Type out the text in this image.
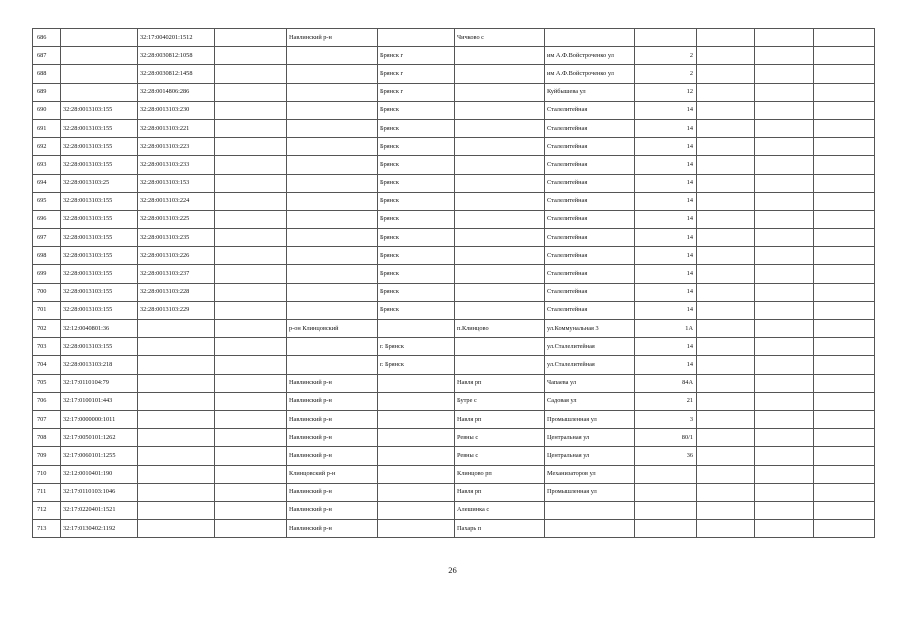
686		32:17:0040201:1512		Навлинский р-н		Чичково с					
687		32:28:0030812:1058			Брянск г		им А.Ф.Войстроченко ул	2			
688		32:28:0030812:1458			Брянск г		им А.Ф.Войстроченко ул	2			
689		32:28:0014806:286			Брянск г		Куйбышева ул	12			
690	32:28:0013103:155	32:28:0013103:230			Брянск		Сталелитейная	14			
691	32:28:0013103:155	32:28:0013103:221			Брянск		Сталелитейная	14			
692	32:28:0013103:155	32:28:0013103:223			Брянск		Сталелитейная	14			
693	32:28:0013103:155	32:28:0013103:233			Брянск		Сталелитейная	14			
694	32:28:0013103:25	32:28:0013103:153			Брянск		Сталелитейная	14			
695	32:28:0013103:155	32:28:0013103:224			Брянск		Сталелитейная	14			
696	32:28:0013103:155	32:28:0013103:225			Брянск		Сталелитейная	14			
697	32:28:0013103:155	32:28:0013103:235			Брянск		Сталелитейная	14			
698	32:28:0013103:155	32:28:0013103:226			Брянск		Сталелитейная	14			
699	32:28:0013103:155	32:28:0013103:237			Брянск		Сталелитейная	14			
700	32:28:0013103:155	32:28:0013103:228			Брянск		Сталелитейная	14			
701	32:28:0013103:155	32:28:0013103:229			Брянск		Сталелитейная	14			
702	32:12:0040801:36			р-он Клинцовский		п.Клинцово	ул.Коммунальная 3	1А			
703	32:28:0013103:155				г. Брянск		ул.Сталелитейная	14			
704	32:28:0013103:218				г. Брянск		ул.Сталелитейная	14			
705	32:17:0110104:79			Навлинский р-н		Навля рп	Чапаева ул	84А			
706	32:17:0100101:443			Навлинский р-н		Бутре с	Садовая ул	21			
707	32:17:0000000:1011			Навлинский р-н		Навля рп	Промышленная ул	3			
708	32:17:0050101:1262			Навлинский р-н		Ревны с	Центральная ул	80/1			
709	32:17:0060101:1255			Навлинский р-н		Ревны с	Центральная ул	36			
710	32:12:0010401:190			Клинцовский р-н		Клинцово рп	Механизаторов ул				
711	32:17:0110103:1046			Навлинский р-н		Навля рп	Промышленная ул				
712	32:17:0220401:1521			Навлинский р-н		Алешинка с					
713	32:17:0130402:1192			Навлинский р-н		Пахарь п					
26
